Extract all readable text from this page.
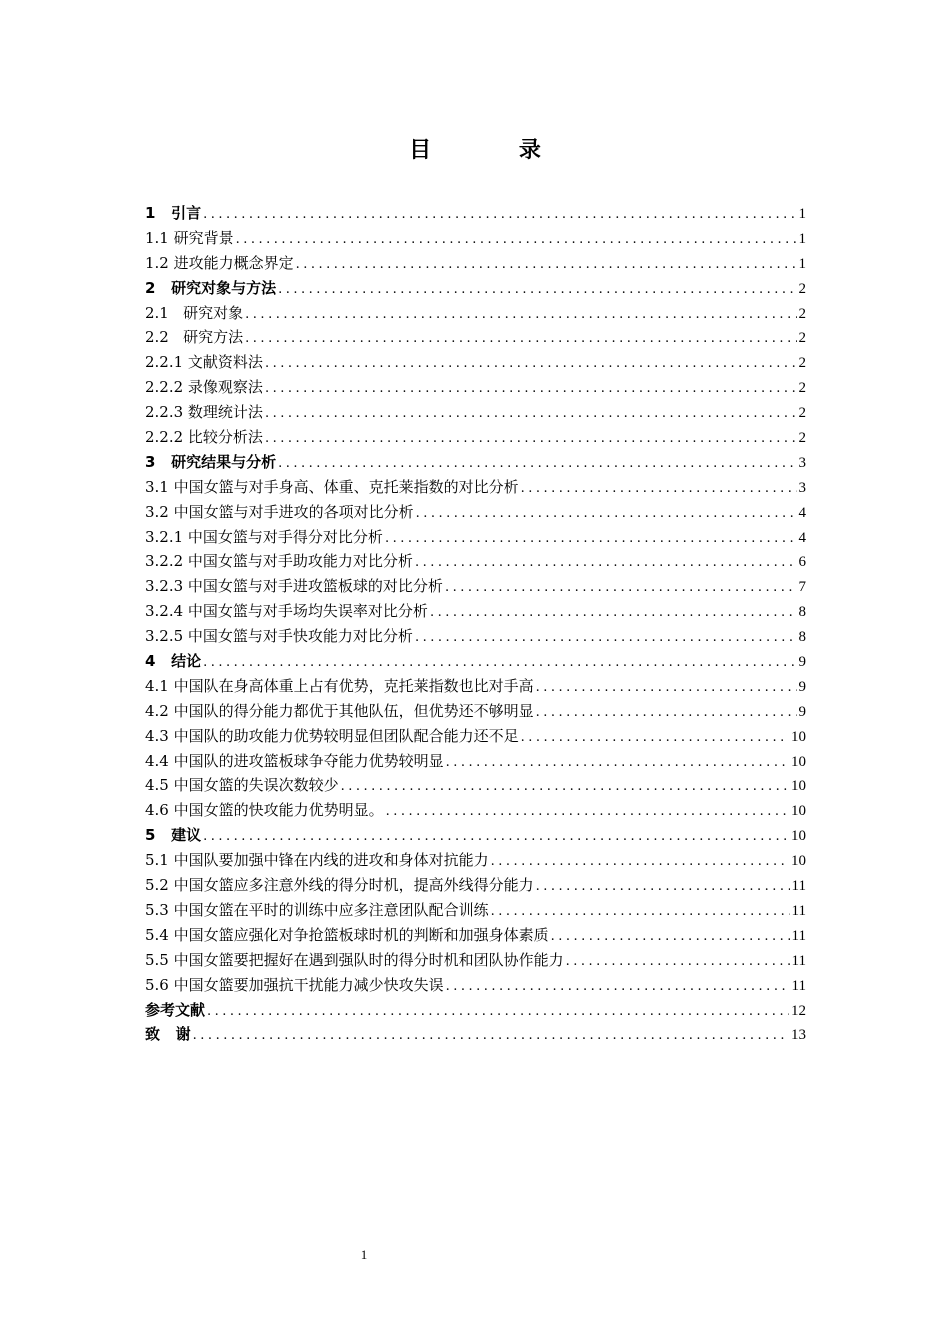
目 录
1   引言 .....	1
1.1 研究背景 .....	1
1.2 进攻能力概念界定 .....	1
2   研究对象与方法 .....	2
2.1   研究对象 .....	2
2.2   研究方法 .....	2
2.2.1 文献资料法 .....	2
2.2.2 录像观察法 .....	2
2.2.3 数理统计法 .....	2
2.2.2 比较分析法 .....	2
3   研究结果与分析 .....	3
3.1 中国女篮与对手身高、体重、克托莱指数的对比分析 .....	3
3.2 中国女篮与对手进攻的各项对比分析 .....	4
3.2.1 中国女篮与对手得分对比分析 .....	4
3.2.2 中国女篮与对手助攻能力对比分析 .....	6
3.2.3 中国女篮与对手进攻篮板球的对比分析 .....	7
3.2.4 中国女篮与对手场均失误率对比分析 .....	8
3.2.5 中国女篮与对手快攻能力对比分析 .....	8
4   结论 .....	9
4.1 中国队在身高体重上占有优势，克托莱指数也比对手高 .....	9
4.2 中国队的得分能力都优于其他队伍，但优势还不够明显 .....	9
4.3 中国队的助攻能力优势较明显但团队配合能力还不足 .....	10
4.4 中国队的进攻篮板球争夺能力优势较明显 .....	10
4.5 中国女篮的失误次数较少 .....	10
4.6 中国女篮的快攻能力优势明显。 .....	10
5   建议 .....	10
5.1 中国队要加强中锋在内线的进攻和身体对抗能力 .....	10
5.2 中国女篮应多注意外线的得分时机，提高外线得分能力 .....	11
5.3 中国女篮在平时的训练中应多注意团队配合训练 .....	11
5.4 中国女篮应强化对争抢篮板球时机的判断和加强身体素质 .....	11
5.5 中国女篮要把握好在遇到强队时的得分时机和团队协作能力 .....	11
5.6 中国女篮要加强抗干扰能力减少快攻失误 .....	11
参考文献 .....	12
致   谢 .....	13
1
